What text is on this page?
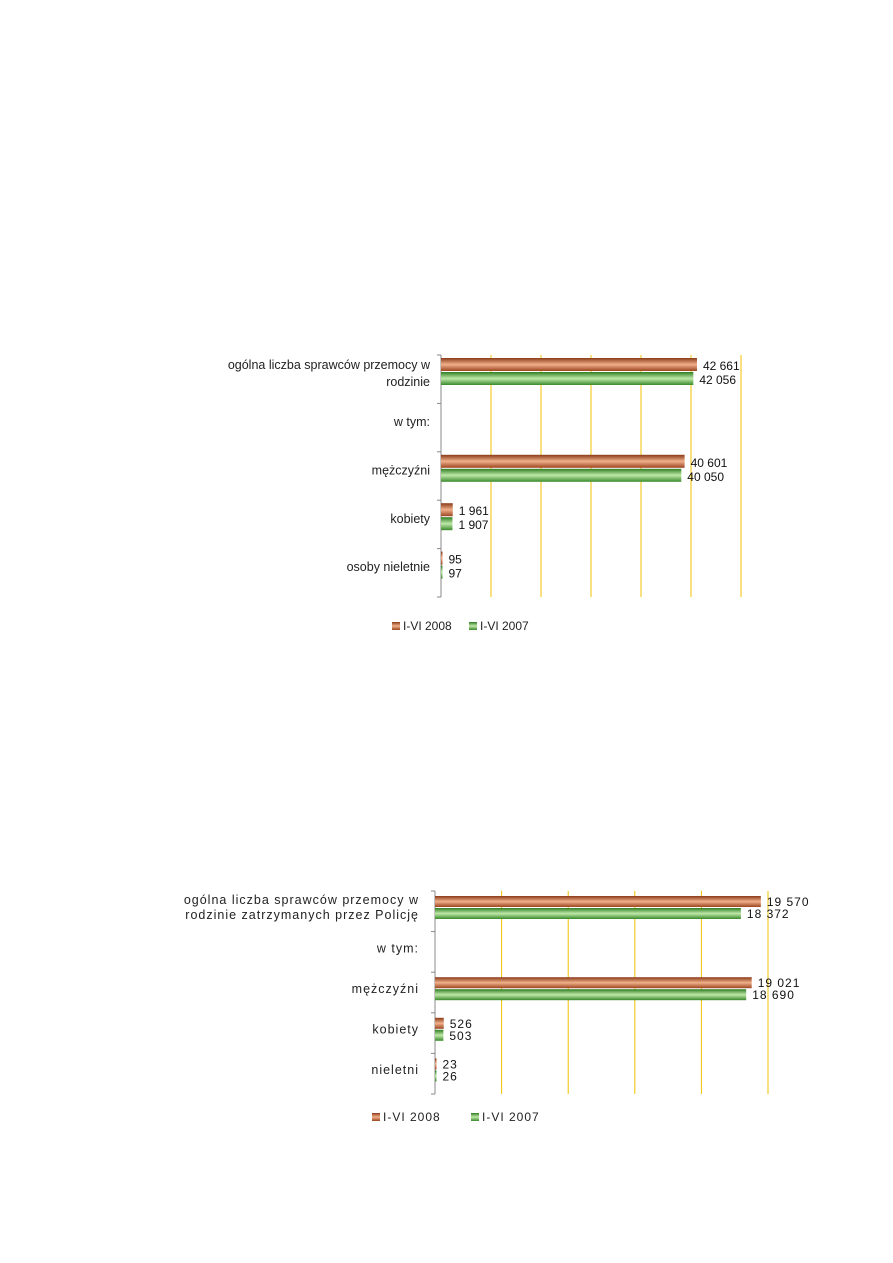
ogólna liczba sprawców przemocy w rodzinie
42 661
42 056
w tym:
mężczyźni
40 601
40 050
kobiety
1 961
1 907
osoby nieletnie
95
97
I-VI 2008 I-VI 2007
ogólna liczba sprawców przemocy w rodzinie zatrzymanych przez Policję
19 570
18 372
w tym:
mężczyźni	19 021
18 690
kobiety	526
503
nieletni 23
26
I-VI 2008	I-VI 2007
